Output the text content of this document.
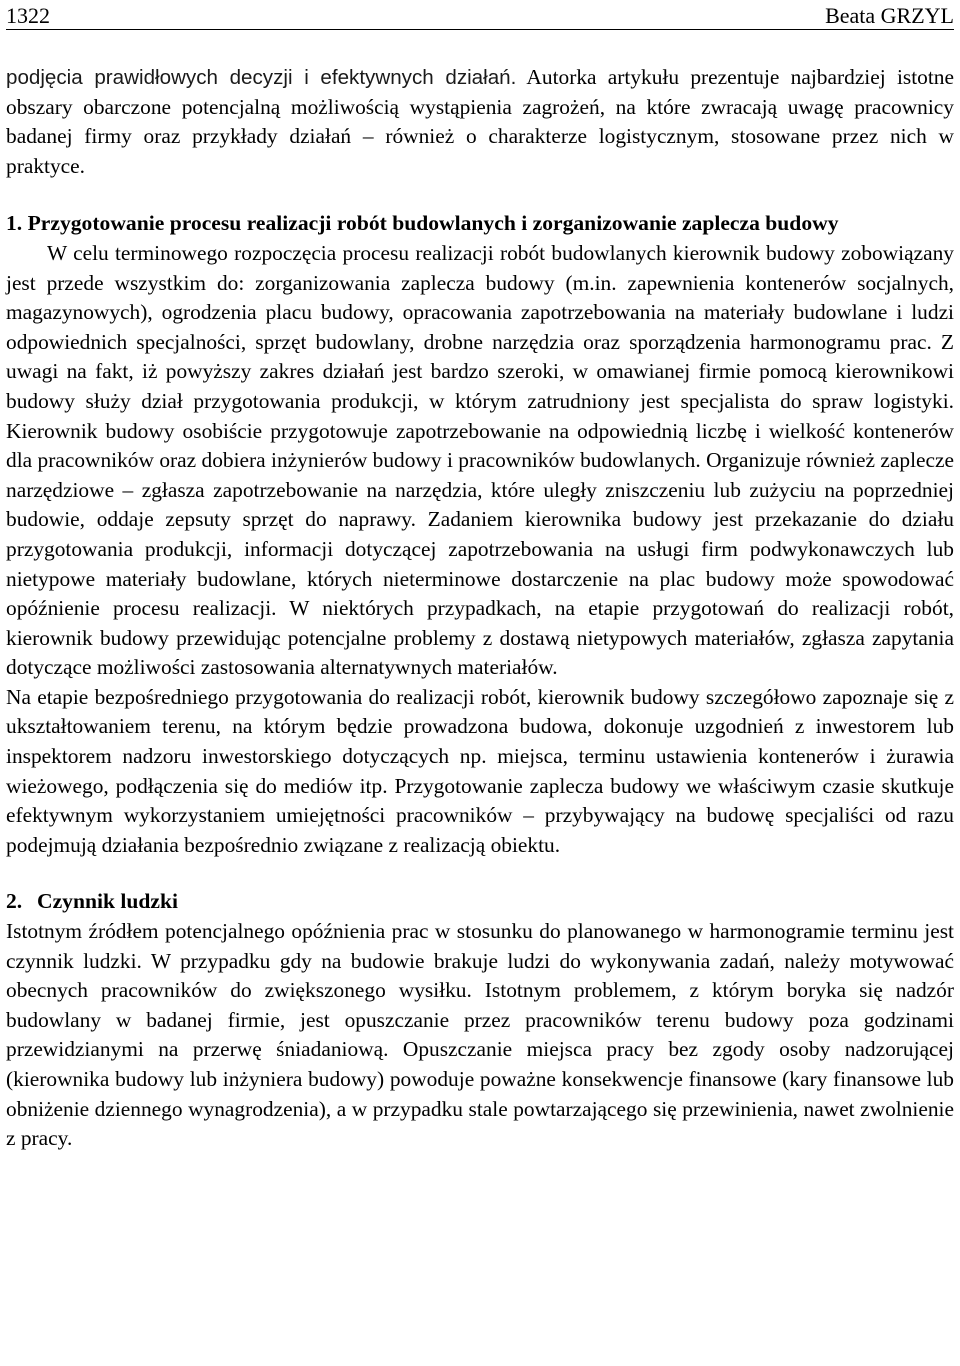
1322	Beata GRZYL

podjęcia prawidłowych decyzji i efektywnych działań. Autorka artykułu prezentuje najbardziej istotne obszary obarczone potencjalną możliwością wystąpienia zagrożeń, na które zwracają uwagę pracownicy badanej firmy oraz przykłady działań – również o charakterze logistycznym, stosowane przez nich w praktyce.

1. Przygotowanie procesu realizacji robót budowlanych i zorganizowanie zaplecza budowy

W celu terminowego rozpoczęcia procesu realizacji robót budowlanych kierownik budowy zobowiązany jest przede wszystkim do: zorganizowania zaplecza budowy (m.in. zapewnienia kontenerów socjalnych, magazynowych), ogrodzenia placu budowy, opracowania zapotrzebowania na materiały budowlane i ludzi odpowiednich specjalności, sprzęt budowlany, drobne narzędzia oraz sporządzenia harmonogramu prac. Z uwagi na fakt, iż powyższy zakres działań jest bardzo szeroki, w omawianej firmie pomocą kierownikowi budowy służy dział przygotowania produkcji, w którym zatrudniony jest specjalista do spraw logistyki. Kierownik budowy osobiście przygotowuje zapotrzebowanie na odpowiednią liczbę i wielkość kontenerów dla pracowników oraz dobiera inżynierów budowy i pracowników budowlanych. Organizuje również zaplecze narzędziowe – zgłasza zapotrzebowanie na narzędzia, które uległy zniszczeniu lub zużyciu na poprzedniej budowie, oddaje zepsuty sprzęt do naprawy. Zadaniem kierownika budowy jest przekazanie do działu przygotowania produkcji, informacji dotyczącej zapotrzebowania na usługi firm podwykonawczych lub nietypowe materiały budowlane, których nieterminowe dostarczenie na plac budowy może spowodować opóźnienie procesu realizacji. W niektórych przypadkach, na etapie przygotowań do realizacji robót, kierownik budowy przewidując potencjalne problemy z dostawą nietypowych materiałów, zgłasza zapytania dotyczące możliwości zastosowania alternatywnych materiałów.

Na etapie bezpośredniego przygotowania do realizacji robót, kierownik budowy szczegółowo zapoznaje się z ukształtowaniem terenu, na którym będzie prowadzona budowa, dokonuje uzgodnień z inwestorem lub inspektorem nadzoru inwestorskiego dotyczących np. miejsca, terminu ustawienia kontenerów i żurawia wieżowego, podłączenia się do mediów itp. Przygotowanie zaplecza budowy we właściwym czasie skutkuje efektywnym wykorzystaniem umiejętności pracowników – przybywający na budowę specjaliści od razu podejmują działania bezpośrednio związane z realizacją obiektu.

2. Czynnik ludzki

Istotnym źródłem potencjalnego opóźnienia prac w stosunku do planowanego w harmonogramie terminu jest czynnik ludzki. W przypadku gdy na budowie brakuje ludzi do wykonywania zadań, należy motywować obecnych pracowników do zwiększonego wysiłku. Istotnym problemem, z którym boryka się nadzór budowlany w badanej firmie, jest opuszczanie przez pracowników terenu budowy poza godzinami przewidzianymi na przerwę śniadaniową. Opuszczanie miejsca pracy bez zgody osoby nadzorującej (kierownika budowy lub inżyniera budowy) powoduje poważne konsekwencje finansowe (kary finansowe lub obniżenie dziennego wynagrodzenia), a w przypadku stale powtarzającego się przewinienia, nawet zwolnienie z pracy.
